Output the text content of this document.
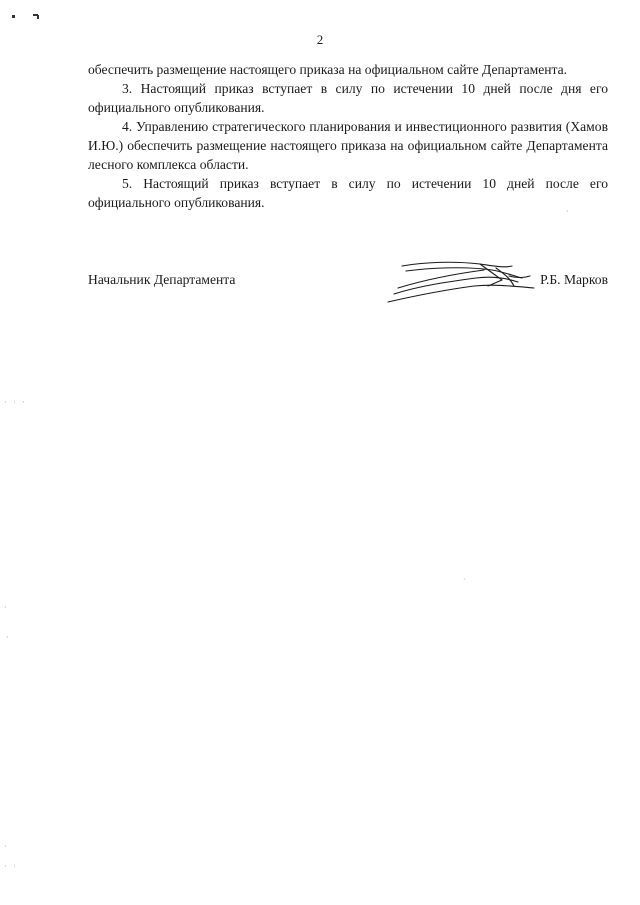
· · ·
·
·
·
· ·
·
·
2

обеспечить размещение настоящего приказа на официальном сайте Департамента.

3. Настоящий приказ вступает в силу по истечении 10 дней после дня его официального опубликования.

4. Управлению стратегического планирования и инвестиционного развития (Хамов И.Ю.) обеспечить размещение настоящего приказа на официальном сайте Департамента лесного комплекса области.

5. Настоящий приказ вступает в силу по истечении 10 дней после его официального опубликования.

Начальник Департамента	Р.Б. Марков
